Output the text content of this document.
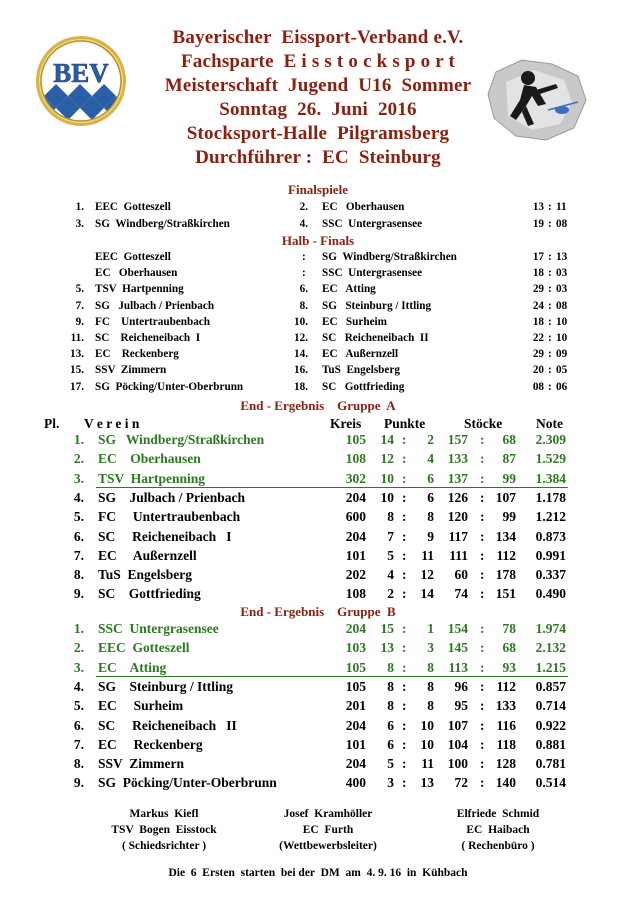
BEV
Bayerischer  Eissport-Verband e.V.
Fachsparte  E i s s t o c k s p o r t
Meisterschaft  Jugend  U16  Sommer
Sonntag  26.  Juni  2016
Stocksport-Halle  Pilgramsberg
Durchführer :  EC  Steinburg
Finalspiele
1. EEC  Gotteszell	2. EC   Oberhausen	13 : 11
3. SG  Windberg/Straßkirchen	4. SSC  Untergrasensee	19 : 08
Halb - Finals
EEC  Gotteszell	: SG  Windberg/Straßkirchen	17 : 13
EC   Oberhausen	: SSC  Untergrasensee	18 : 03
5. TSV  Hartpenning	6. EC   Atting	29 : 03
7. SG   Julbach / Prienbach	8. SG   Steinburg / Ittling	24 : 08
9. FC    Untertraubenbach	10. EC   Surheim	18 : 10
11. SC    Reicheneibach  I	12. SC   Reicheneibach  II	22 : 10
13. EC    Reckenberg	14. EC   Außernzell	29 : 09
15. SSV  Zimmern	16. TuS  Engelsberg	20 : 05
17. SG  Pöcking/Unter-Oberbrunn	18. SC   Gottfrieding	08 : 06
End - Ergebnis    Gruppe  A
Pl. V e r e i n	Kreis Punkte	Stöcke	Note
1. SG   Windberg/Straßkirchen	105	14 :	2	157 :	68	2.309
2. EC    Oberhausen	108	12 :	4	133 :	87	1.529
3. TSV  Hartpenning	302	10 :	6	137 :	99	1.384
4. SG    Julbach / Prienbach	204	10 :	6	126 : 107	1.178
5. FC     Untertraubenbach	600	8 :	8	120 :	99	1.212
6. SC     Reicheneibach   I	204	7 :	9	117 : 134	0.873
7. EC     Außernzell	101	5 :	11	111 : 112	0.991
8. TuS  Engelsberg	202	4 :	12	60 : 178	0.337
9. SC    Gottfrieding	108	2 :	14	74 : 151	0.490
End - Ergebnis    Gruppe  B
1. SSC  Untergrasensee	204	15 :	1	154 :	78	1.974
2. EEC  Gotteszell	103	13 :	3	145 :	68	2.132
3. EC    Atting	105	8 :	8	113 :	93	1.215
4. SG    Steinburg / Ittling	105	8 :	8	96 : 112	0.857
5. EC     Surheim	201	8 :	8	95 : 133	0.714
6. SC     Reicheneibach   II	204	6 :	10	107 : 116	0.922
7. EC     Reckenberg	101	6 :	10	104 : 118	0.881
8. SSV  Zimmern	204	5 :	11	100 : 128	0.781
9. SG  Pöcking/Unter-Oberbrunn	400	3 :	13	72 : 140	0.514
Markus  Kiefl
TSV  Bogen  Eisstock
( Schiedsrichter )
Josef  Kramhöller
EC  Furth
(Wettbewerbsleiter)
Elfriede  Schmid
EC  Haibach
( Rechenbüro )
Die  6  Ersten  starten  bei der  DM  am  4. 9. 16  in  Kühbach
